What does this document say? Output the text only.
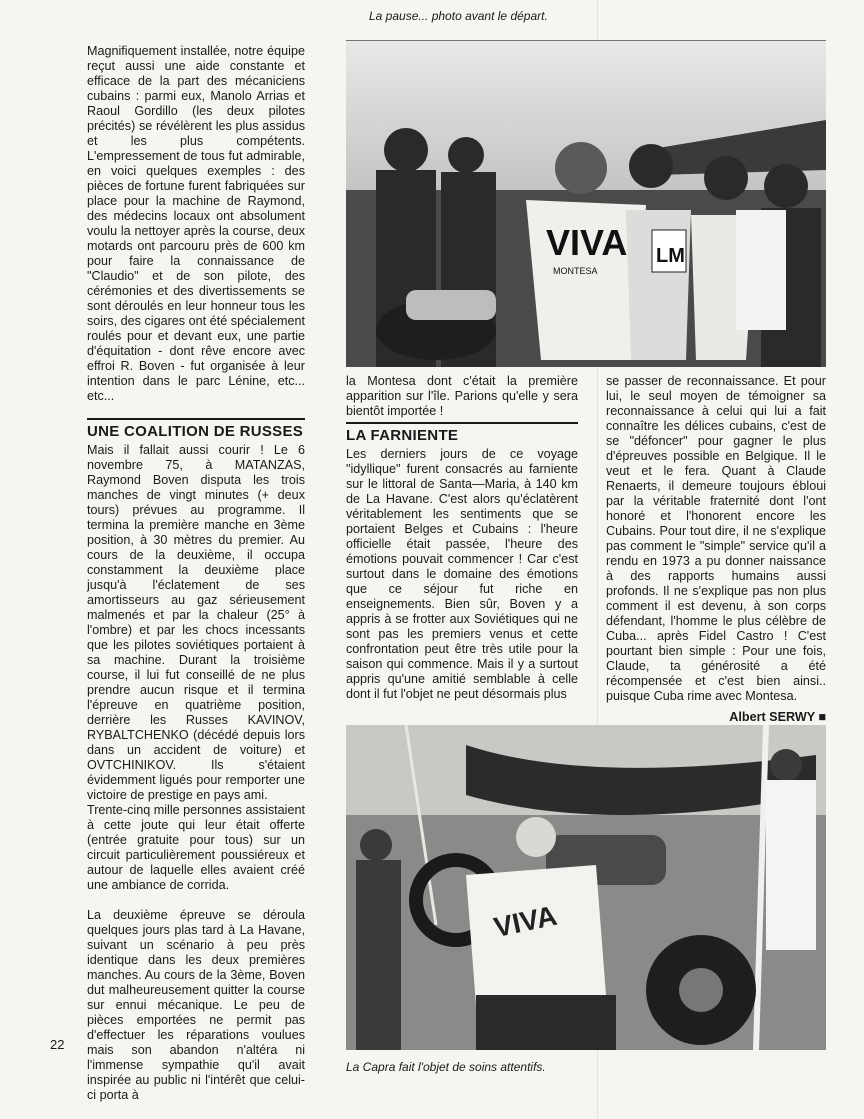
La pause... photo avant le départ.

Magnifiquement installée, notre équipe reçut aussi une aide constante et efficace de la part des mécaniciens cubains : parmi eux, Manolo Arrias et Raoul Gordillo (les deux pilotes précités) se révélèrent les plus assidus et les plus compétents. L'empressement de tous fut admirable, en voici quelques exemples : des pièces de fortune furent fabriquées sur place pour la machine de Raymond, des médecins locaux ont absolument voulu la nettoyer après la course, deux motards ont parcouru près de 600 km pour faire la connaissance de "Claudio" et de son pilote, des cérémonies et des divertissements se sont déroulés en leur honneur tous les soirs, des cigares ont été spécialement roulés pour et devant eux, une partie d'équitation - dont rêve encore avec effroi R. Boven - fut organisée à leur intention dans le parc Lénine, etc... etc...

UNE COALITION DE RUSSES

Mais il fallait aussi courir ! Le 6 novembre 75, à MATANZAS, Raymond Boven disputa les trois manches de vingt minutes (+ deux tours) prévues au programme. Il termina la première manche en 3ème position, à 30 mètres du premier. Au cours de la deuxième, il occupa constamment la deuxième place jusqu'à l'éclatement de ses amortisseurs au gaz sérieusement malmenés et par la chaleur (25° à l'ombre) et par les chocs incessants que les pilotes soviétiques portaient à sa machine. Durant la troisième course, il lui fut conseillé de ne plus prendre aucun risque et il termina l'épreuve en quatrième position, derrière les Russes KAVINOV, RYBALTCHENKO (décédé depuis lors dans un accident de voiture) et OVTCHINIKOV. Ils s'étaient évidemment ligués pour remporter une victoire de prestige en pays ami.

Trente-cinq mille personnes assistaient à cette joute qui leur était offerte (entrée gratuite pour tous) sur un circuit particulièrement poussiéreux et autour de laquelle elles avaient créé une ambiance de corrida.

La deuxième épreuve se déroula quelques jours plas tard à La Havane, suivant un scénario à peu près identique dans les deux premières manches. Au cours de la 3ème, Boven dut malheureusement quitter la course sur ennui mécanique. Le peu de pièces emportées ne permit pas d'effectuer les réparations voulues mais son abandon n'altéra ni l'immense sympathie qu'il avait inspirée au public ni l'intérêt que celui-ci porta à

VIVA
MONTESA
LM

la Montesa dont c'était la première apparition sur l'île. Parions qu'elle y sera bientôt importée !

LA FARNIENTE

Les derniers jours de ce voyage "idyllique" furent consacrés au farniente sur le littoral de Santa—Maria, à 140 km de La Havane. C'est alors qu'éclatèrent véritablement les sentiments que se portaient Belges et Cubains : l'heure officielle était passée, l'heure des émotions pouvait commencer ! Car c'est surtout dans le domaine des émotions que ce séjour fut riche en enseignements. Bien sûr, Boven y a appris à se frotter aux Soviétiques qui ne sont pas les premiers venus et cette confrontation peut être très utile pour la saison qui commence. Mais il y a surtout appris qu'une amitié semblable à celle dont il fut l'objet ne peut désormais plus

se passer de reconnaissance. Et pour lui, le seul moyen de témoigner sa reconnaissance à celui qui lui a fait connaître les délices cubains, c'est de se "défoncer" pour gagner le plus d'épreuves possible en Belgique. Il le veut et le fera. Quant à Claude Renaerts, il demeure toujours ébloui par la véritable fraternité dont l'ont honoré et l'honorent encore les Cubains. Pour tout dire, il ne s'explique pas comment le "simple" service qu'il a rendu en 1973 a pu donner naissance à des rapports humains aussi profonds. Il ne s'explique pas non plus comment il est devenu, à son corps défendant, l'homme le plus célèbre de Cuba... après Fidel Castro ! C'est pourtant bien simple : Pour une fois, Claude, ta générosité a été récompensée et c'est bien ainsi.. puisque Cuba rime avec Montesa.

Albert SERWY ■
VIVA
La Capra fait l'objet de soins attentifs.
22
